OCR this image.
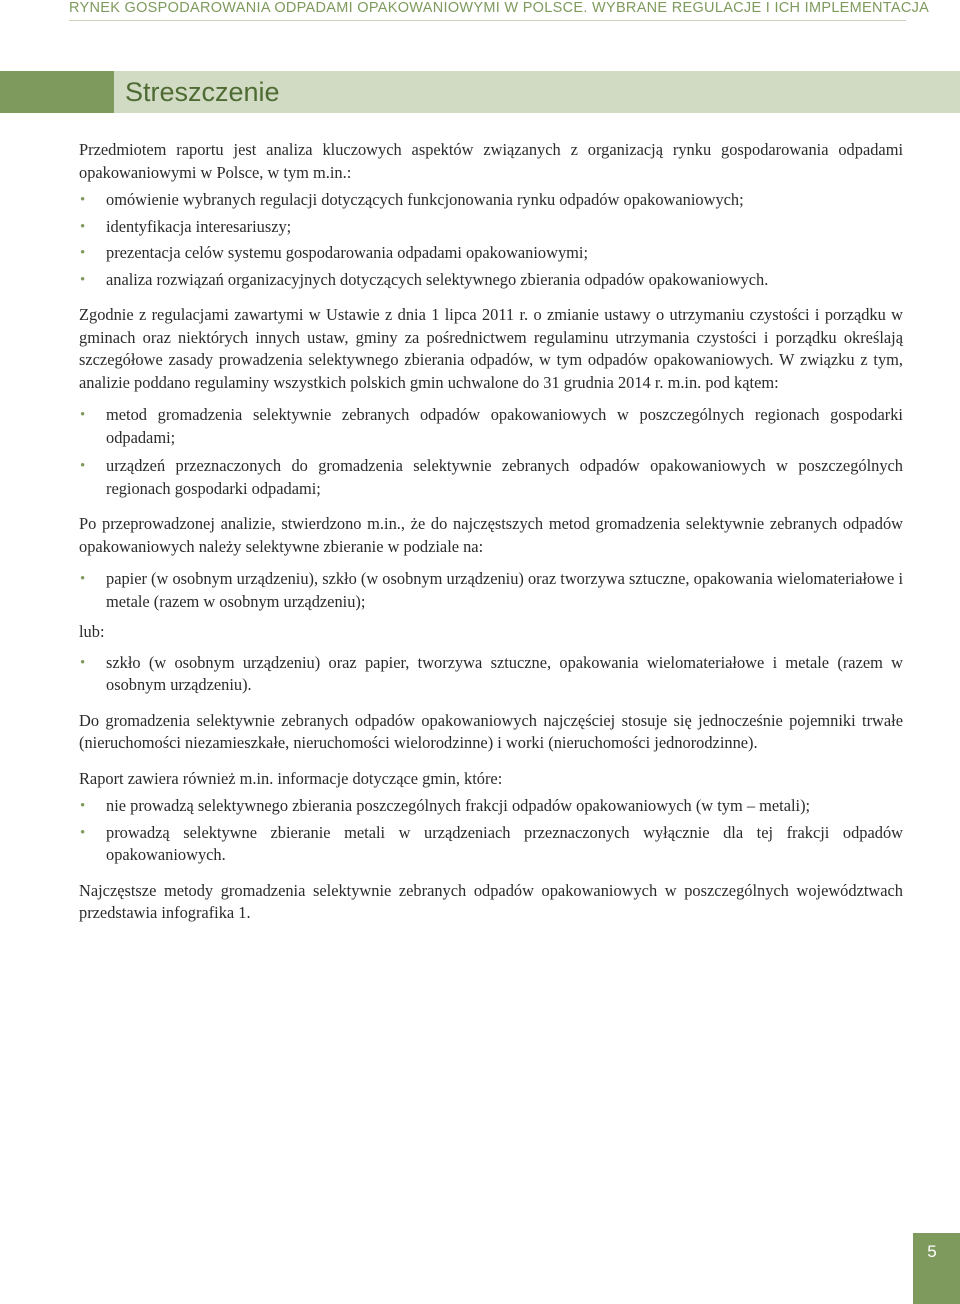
RYNEK GOSPODAROWANIA ODPADAMI OPAKOWANIOWYMI W POLSCE. WYBRANE REGULACJE I ICH IMPLEMENTACJA
Streszczenie

Przedmiotem raportu jest analiza kluczowych aspektów związanych z organizacją rynku gospodarowania odpadami opakowaniowymi w Polsce, w tym m.in.:

• omówienie wybranych regulacji dotyczących funkcjonowania rynku odpadów opakowaniowych;
• identyfikacja interesariuszy;
• prezentacja celów systemu gospodarowania odpadami opakowaniowymi;
• analiza rozwiązań organizacyjnych dotyczących selektywnego zbierania odpadów opakowaniowych.

Zgodnie z regulacjami zawartymi w Ustawie z dnia 1 lipca 2011 r. o zmianie ustawy o utrzymaniu czystości i porządku w gminach oraz niektórych innych ustaw, gminy za pośrednictwem regulaminu utrzymania czystości i porządku określają szczegółowe zasady prowadzenia selektywnego zbierania odpadów, w tym odpadów opakowaniowych. W związku z tym, analizie poddano regulaminy wszystkich polskich gmin uchwalone do 31 grudnia 2014 r. m.in. pod kątem:

• metod gromadzenia selektywnie zebranych odpadów opakowaniowych w poszczególnych regionach gospodarki odpadami;
• urządzeń przeznaczonych do gromadzenia selektywnie zebranych odpadów opakowaniowych w poszczególnych regionach gospodarki odpadami;

Po przeprowadzonej analizie, stwierdzono m.in., że do najczęstszych metod gromadzenia selektywnie zebranych odpadów opakowaniowych należy selektywne zbieranie w podziale na:

• papier (w osobnym urządzeniu), szkło (w osobnym urządzeniu) oraz tworzywa sztuczne, opakowania wielomateriałowe i metale (razem w osobnym urządzeniu);

lub:

• szkło (w osobnym urządzeniu) oraz papier, tworzywa sztuczne, opakowania wielomateriałowe i metale (razem w osobnym urządzeniu).

Do gromadzenia selektywnie zebranych odpadów opakowaniowych najczęściej stosuje się jednocześnie pojemniki trwałe (nieruchomości niezamieszkałe, nieruchomości wielorodzinne) i worki (nieruchomości jednorodzinne).

Raport zawiera również m.in. informacje dotyczące gmin, które:

• nie prowadzą selektywnego zbierania poszczególnych frakcji odpadów opakowaniowych (w tym – metali);
• prowadzą selektywne zbieranie metali w urządzeniach przeznaczonych wyłącznie dla tej frakcji odpadów opakowaniowych.

Najczęstsze metody gromadzenia selektywnie zebranych odpadów opakowaniowych w poszczególnych województwach przedstawia infografika 1.

5
